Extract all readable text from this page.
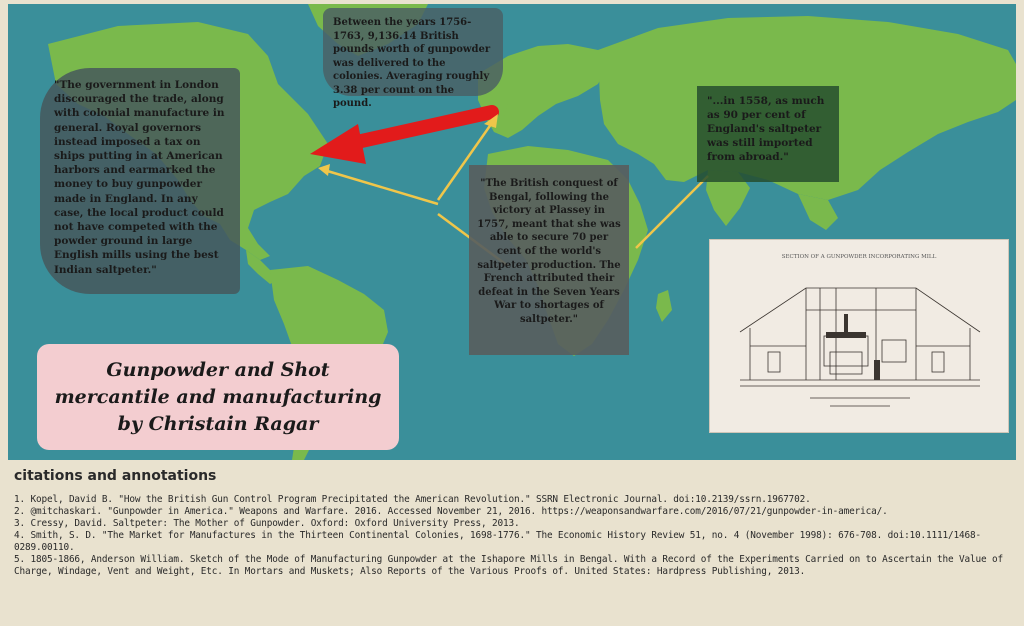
Between the years 1756-1763, 9,136.14 British pounds worth of gunpowder was delivered to the colonies. Averaging roughly 3.38 per count on the pound.
"The government in London discouraged the trade, along with colonial manufacture in general. Royal governors instead imposed a tax on ships putting in at American harbors and earmarked the money to buy gunpowder made in England. In any case, the local product could not have competed with the powder ground in large English mills using the best Indian saltpeter."
"The British conquest of Bengal, following the victory at Plassey in 1757, meant that she was able to secure 70 per cent of the world's saltpeter production. The French attributed their defeat in the Seven Years War to shortages of saltpeter."
"...in 1558, as much as 90 per cent of England's saltpeter was still imported from abroad."
Gunpowder and Shot
mercantile and manufacturing
by Christain Ragar
SECTION OF A GUNPOWDER INCORPORATING MILL
citations and annotations
1. Kopel, David B. "How the British Gun Control Program Precipitated the American Revolution." SSRN Electronic Journal. doi:10.2139/ssrn.1967702.
2. @mitchaskari. "Gunpowder in America." Weapons and Warfare. 2016. Accessed November 21, 2016. https://weaponsandwarfare.com/2016/07/21/gunpowder-in-america/.
3. Cressy, David. Saltpeter: The Mother of Gunpowder. Oxford: Oxford University Press, 2013.
4. Smith, S. D. "The Market for Manufactures in the Thirteen Continental Colonies, 1698-1776." The Economic History Review 51, no. 4 (November 1998): 676-708. doi:10.1111/1468-0289.00110.
5. 1805-1866, Anderson William. Sketch of the Mode of Manufacturing Gunpowder at the Ishapore Mills in Bengal. With a Record of the Experiments Carried on to Ascertain the Value of Charge, Windage, Vent and Weight, Etc. In Mortars and Muskets; Also Reports of the Various Proofs of. United States: Hardpress Publishing, 2013.
